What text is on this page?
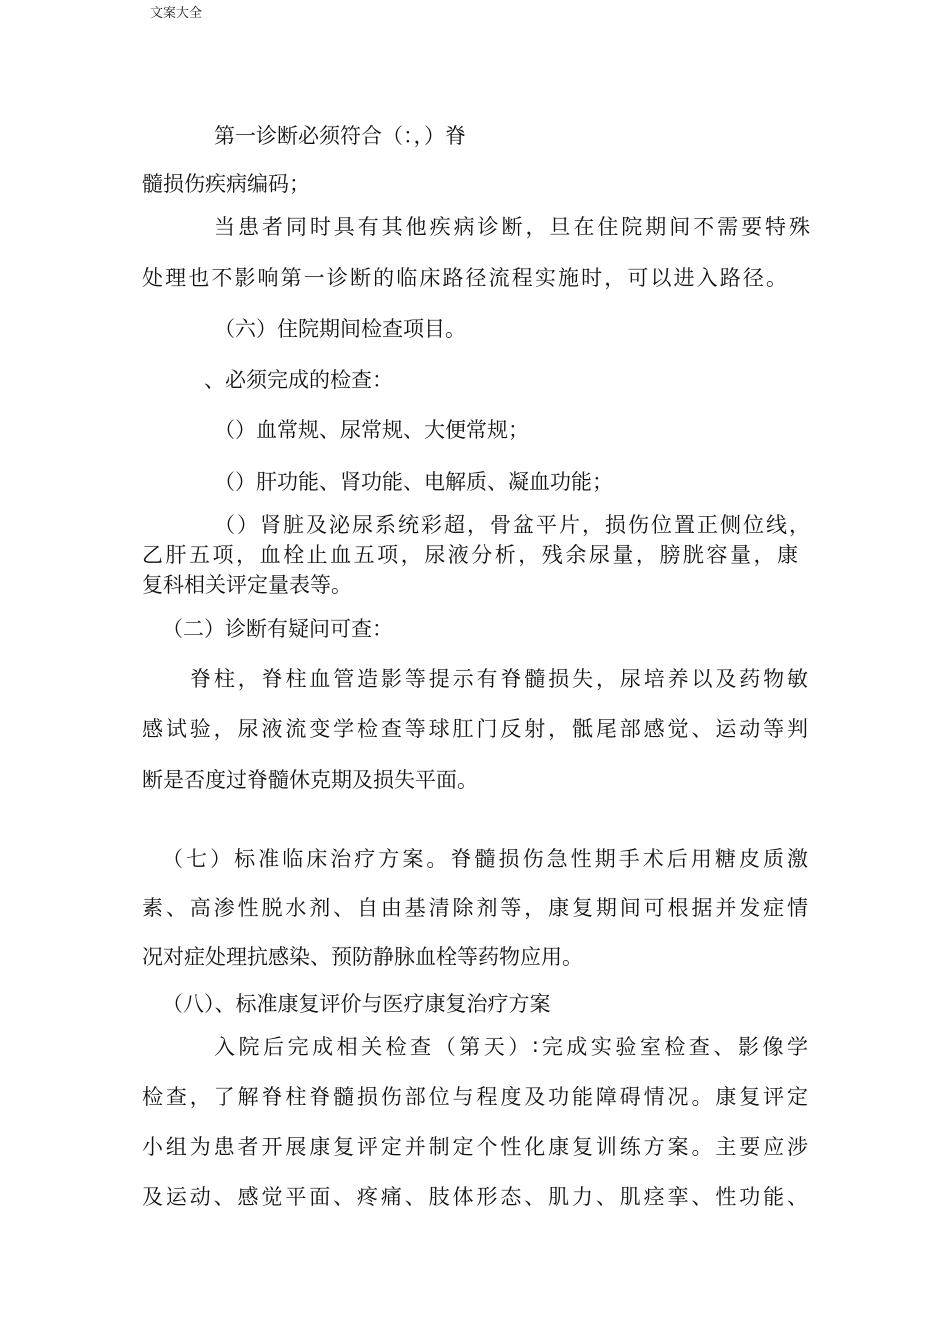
文案大全
第一诊断必须符合（：，）脊
髓损伤疾病编码；
当患者同时具有其他疾病诊断，旦在住院期间不需要特殊
处理也不影响第一诊断的临床路径流程实施时，可以进入路径。
（六）住院期间检查项目。
、必须完成的检查：
（）血常规、尿常规、大便常规；
（）肝功能、肾功能、电解质、凝血功能；
（）肾脏及泌尿系统彩超，骨盆平片，损伤位置正侧位线，
乙肝五项，血栓止血五项，尿液分析，残余尿量，膀胱容量，康
复科相关评定量表等。
（二）诊断有疑问可查：
脊柱，脊柱血管造影等提示有脊髓损失，尿培养以及药物敏
感试验，尿液流变学检查等球肛门反射，骶尾部感觉、运动等判
断是否度过脊髓休克期及损失平面。
（七）标准临床治疗方案。脊髓损伤急性期手术后用糖皮质激
素、高渗性脱水剂、自由基清除剂等，康复期间可根据并发症情
况对症处理抗感染、预防静脉血栓等药物应用。
（八）、标准康复评价与医疗康复治疗方案
入院后完成相关检查（第天）∶完成实验室检查、影像学
检查，了解脊柱脊髓损伤部位与程度及功能障碍情况。康复评定
小组为患者开展康复评定并制定个性化康复训练方案。主要应涉
及运动、感觉平面、疼痛、肢体形态、肌力、肌痉挛、性功能、
